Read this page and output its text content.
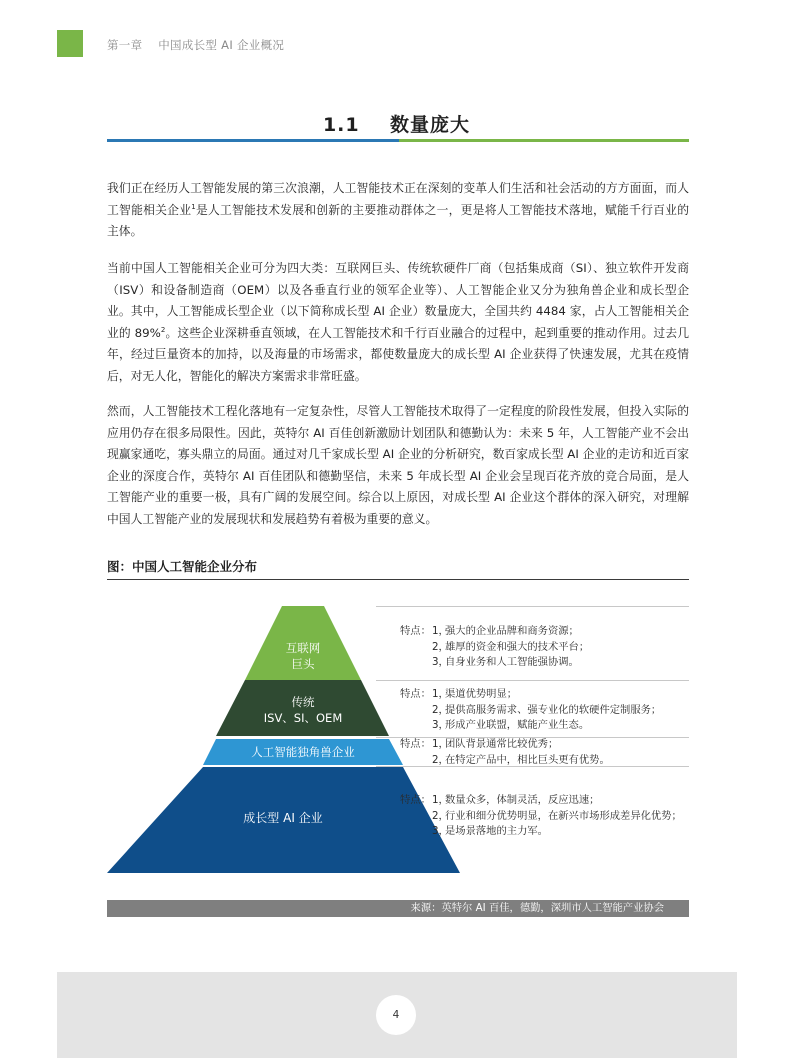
第一章    中国成长型 AI 企业概况
1.1    数量庞大

我们正在经历人工智能发展的第三次浪潮，人工智能技术正在深刻的变革人们生活和社会活动的方方面面，而人工智能相关企业$^1$是人工智能技术发展和创新的主要推动群体之一，更是将人工智能技术落地，赋能千行百业的主体。

当前中国人工智能相关企业可分为四大类：互联网巨头、传统软硬件厂商（包括集成商（SI）、独立软件开发商（ISV）和设备制造商（OEM）以及各垂直行业的领军企业等）、人工智能企业又分为独角兽企业和成长型企业。其中，人工智能成长型企业（以下简称成长型 AI 企业）数量庞大，全国共约 4484 家，占人工智能相关企业的 89%$^2$。这些企业深耕垂直领域，在人工智能技术和千行百业融合的过程中，起到重要的推动作用。过去几年，经过巨量资本的加持，以及海量的市场需求，都使数量庞大的成长型 AI 企业获得了快速发展，尤其在疫情后，对无人化，智能化的解决方案需求非常旺盛。

然而，人工智能技术工程化落地有一定复杂性，尽管人工智能技术取得了一定程度的阶段性发展，但投入实际的应用仍存在很多局限性。因此，英特尔 AI 百佳创新激励计划团队和德勤认为：未来 5 年，人工智能产业不会出现赢家通吃，寡头鼎立的局面。通过对几千家成长型 AI 企业的分析研究，数百家成长型 AI 企业的走访和近百家企业的深度合作，英特尔 AI 百佳团队和德勤坚信，未来 5 年成长型 AI 企业会呈现百花齐放的竞合局面，是人工智能产业的重要一极，具有广阔的发展空间。综合以上原因，对成长型 AI 企业这个群体的深入研究，对理解中国人工智能产业的发展现状和发展趋势有着极为重要的意义。

图：中国人工智能企业分布
互联网
巨头
传统
ISV、SI、OEM
人工智能独角兽企业
成长型 AI 企业
特点： 1，
强大的企业品牌和商务资源；
2，
雄厚的资金和强大的技术平台；
3，
自身业务和人工智能强协调。
特点： 1，
渠道优势明显；
2，
提供高服务需求、强专业化的软硬件定制服务；
3，
形成产业联盟，赋能产业生态。
特点： 1，
团队背景通常比较优秀；
2，
在特定产品中，相比巨头更有优势。
特点： 1，
数量众多，体制灵活，反应迅速；
2，
行业和细分优势明显，在新兴市场形成差异化优势；
3，
是场景落地的主力军。
来源：英特尔 AI 百佳，德勤，深圳市人工智能产业协会
4
